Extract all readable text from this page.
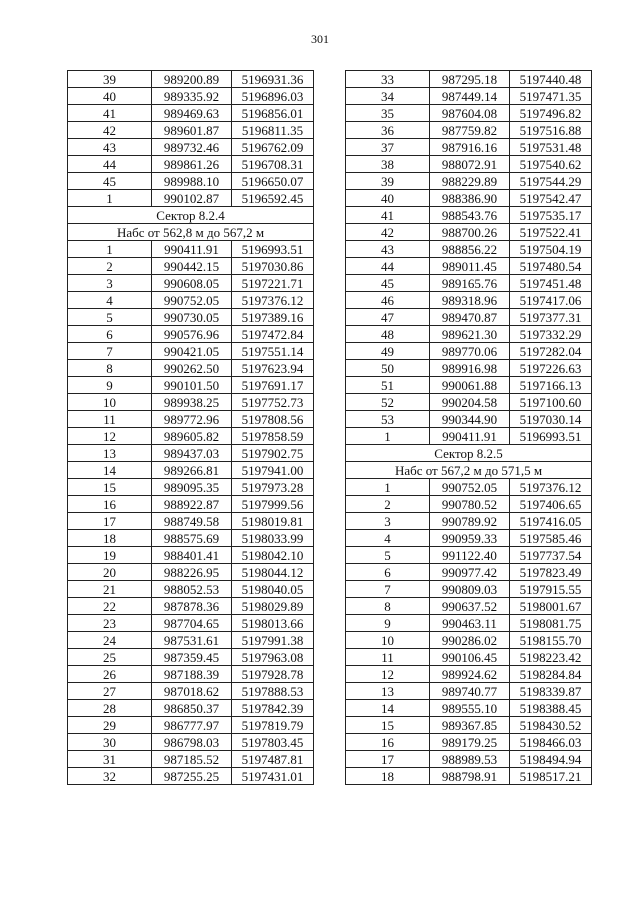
301
39	989200.89	5196931.36
40	989335.92	5196896.03
41	989469.63	5196856.01
42	989601.87	5196811.35
43	989732.46	5196762.09
44	989861.26	5196708.31
45	989988.10	5196650.07
1	990102.87	5196592.45
Сектор 8.2.4		
Набс от 562,8 м до 567,2 м		
1	990411.91	5196993.51
2	990442.15	5197030.86
3	990608.05	5197221.71
4	990752.05	5197376.12
5	990730.05	5197389.16
6	990576.96	5197472.84
7	990421.05	5197551.14
8	990262.50	5197623.94
9	990101.50	5197691.17
10	989938.25	5197752.73
11	989772.96	5197808.56
12	989605.82	5197858.59
13	989437.03	5197902.75
14	989266.81	5197941.00
15	989095.35	5197973.28
16	988922.87	5197999.56
17	988749.58	5198019.81
18	988575.69	5198033.99
19	988401.41	5198042.10
20	988226.95	5198044.12
21	988052.53	5198040.05
22	987878.36	5198029.89
23	987704.65	5198013.66
24	987531.61	5197991.38
25	987359.45	5197963.08
26	987188.39	5197928.78
27	987018.62	5197888.53
28	986850.37	5197842.39
29	986777.97	5197819.79
30	986798.03	5197803.45
31	987185.52	5197487.81
32	987255.25	5197431.01
33	987295.18	5197440.48
34	987449.14	5197471.35
35	987604.08	5197496.82
36	987759.82	5197516.88
37	987916.16	5197531.48
38	988072.91	5197540.62
39	988229.89	5197544.29
40	988386.90	5197542.47
41	988543.76	5197535.17
42	988700.26	5197522.41
43	988856.22	5197504.19
44	989011.45	5197480.54
45	989165.76	5197451.48
46	989318.96	5197417.06
47	989470.87	5197377.31
48	989621.30	5197332.29
49	989770.06	5197282.04
50	989916.98	5197226.63
51	990061.88	5197166.13
52	990204.58	5197100.60
53	990344.90	5197030.14
1	990411.91	5196993.51
Сектор 8.2.5		
Набс от 567,2 м до 571,5 м		
1	990752.05	5197376.12
2	990780.52	5197406.65
3	990789.92	5197416.05
4	990959.33	5197585.46
5	991122.40	5197737.54
6	990977.42	5197823.49
7	990809.03	5197915.55
8	990637.52	5198001.67
9	990463.11	5198081.75
10	990286.02	5198155.70
11	990106.45	5198223.42
12	989924.62	5198284.84
13	989740.77	5198339.87
14	989555.10	5198388.45
15	989367.85	5198430.52
16	989179.25	5198466.03
17	988989.53	5198494.94
18	988798.91	5198517.21
